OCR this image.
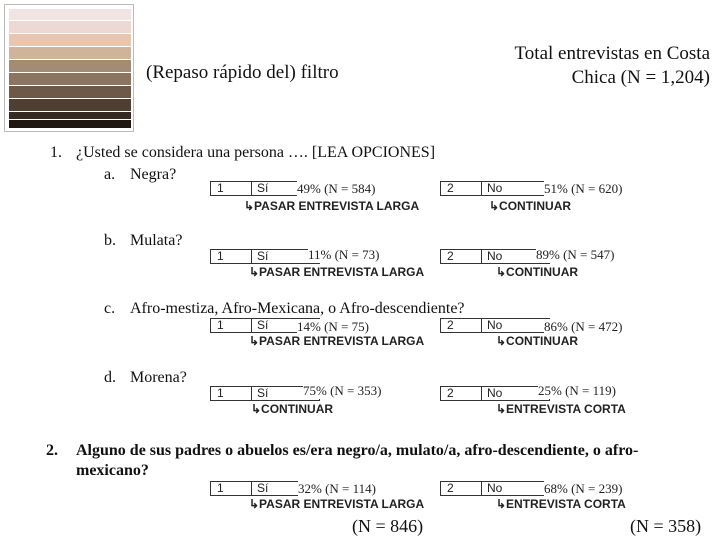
(Repaso rápido del) filtro
Total entrevistas en Costa Chica (N = 1,204)
1. ¿Usted se considera una persona …. [LEA OPCIONES]
a. Negra?
1	Sí 49% (N = 584)
↳PASAR ENTREVISTA LARGA
2	No	51% (N = 620)
↳CONTINUAR
b. Mulata?
1	Sí	11% (N = 73)
↳PASAR ENTREVISTA LARGA
2	No	89% (N = 547)
↳CONTINUAR
c. Afro-mestiza, Afro-Mexicana, o Afro-descendiente?
1	Sí 14% (N = 75)
↳PASAR ENTREVISTA LARGA
2	No	86% (N = 472)
↳CONTINUAR
d. Morena?
1	Sí	75% (N = 353)
↳CONTINUAR
2	No	25% (N = 119)
↳ENTREVISTA CORTA
2. Alguno de sus padres o abuelos es/era negro/a, mulato/a, afro-descendiente, o afro-
mexicano?
1	Sí 32% (N = 114)
↳PASAR ENTREVISTA LARGA
2	No	68% (N = 239)
↳ENTREVISTA CORTA
(N = 846)	(N = 358)
